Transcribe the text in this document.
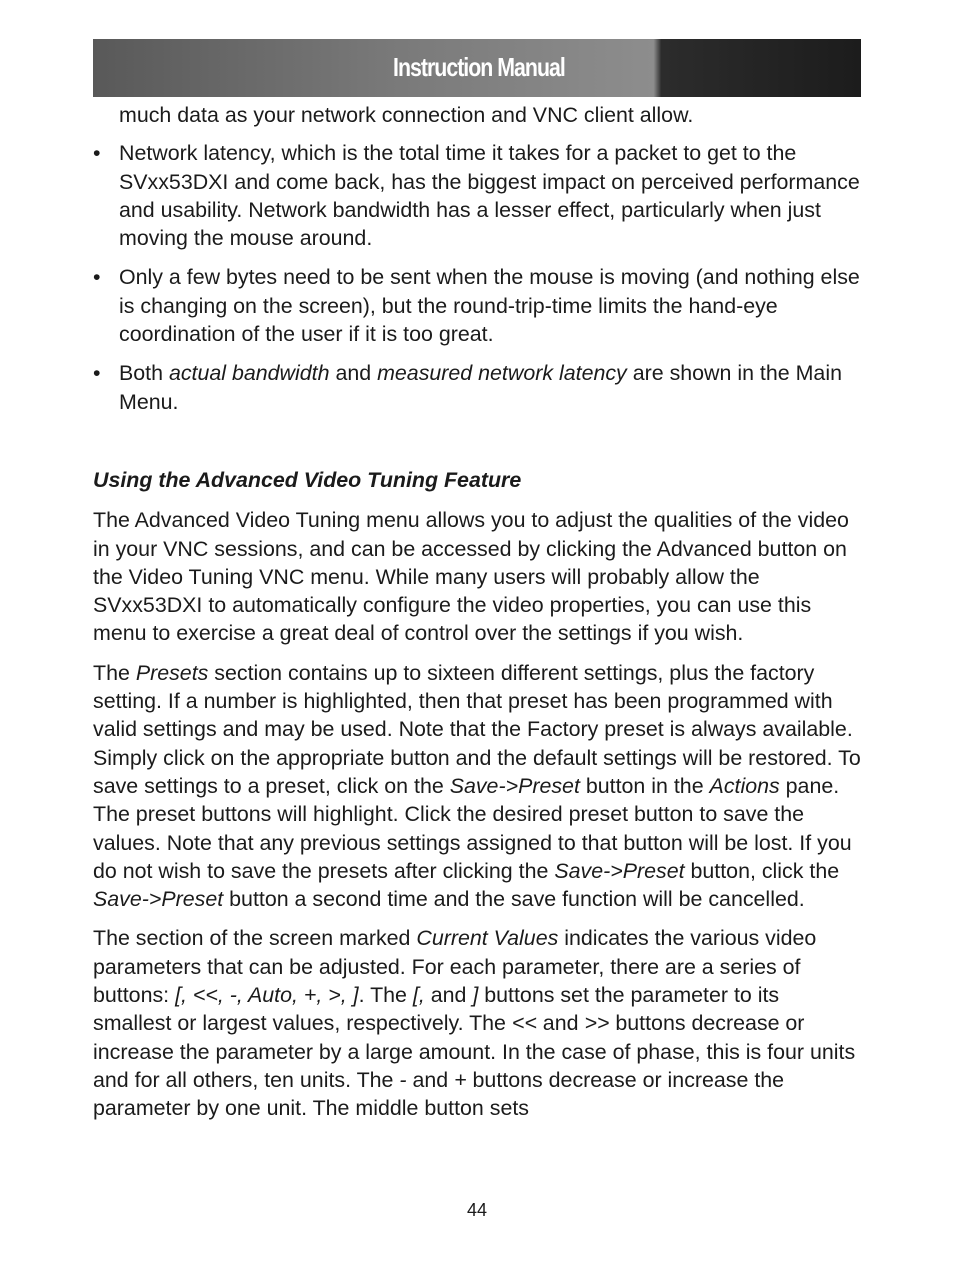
Instruction Manual

much data as your network connection and VNC client allow.

• Network latency, which is the total time it takes for a packet to get to the SVxx53DXI and come back, has the biggest impact on perceived performance and usability. Network bandwidth has a lesser effect, particularly when just moving the mouse around.
• Only a few bytes need to be sent when the mouse is moving (and nothing else is changing on the screen), but the round-trip-time limits the hand-eye coordination of the user if it is too great.
• Both actual bandwidth and measured network latency are shown in the Main Menu.
Using the Advanced Video Tuning Feature

The Advanced Video Tuning menu allows you to adjust the qualities of the video in your VNC sessions, and can be accessed by clicking the Advanced button on the Video Tuning VNC menu. While many users will probably allow the SVxx53DXI to automatically configure the video properties, you can use this menu to exercise a great deal of control over the settings if you wish.

The Presets section contains up to sixteen different settings, plus the factory setting. If a number is highlighted, then that preset has been programmed with valid settings and may be used. Note that the Factory preset is always available. Simply click on the appropriate button and the default settings will be restored. To save settings to a preset, click on the Save->Preset button in the Actions pane. The preset buttons will highlight. Click the desired preset button to save the values. Note that any previous settings assigned to that button will be lost. If you do not wish to save the presets after clicking the Save->Preset button, click the Save->Preset button a second time and the save function will be cancelled.

The section of the screen marked Current Values indicates the various video parameters that can be adjusted. For each parameter, there are a series of buttons: [, <<, -, Auto, +, >, ]. The [, and ] buttons set the parameter to its smallest or largest values, respectively. The << and >> buttons decrease or increase the parameter by a large amount. In the case of phase, this is four units and for all others, ten units. The - and + buttons decrease or increase the parameter by one unit. The middle button sets

44
